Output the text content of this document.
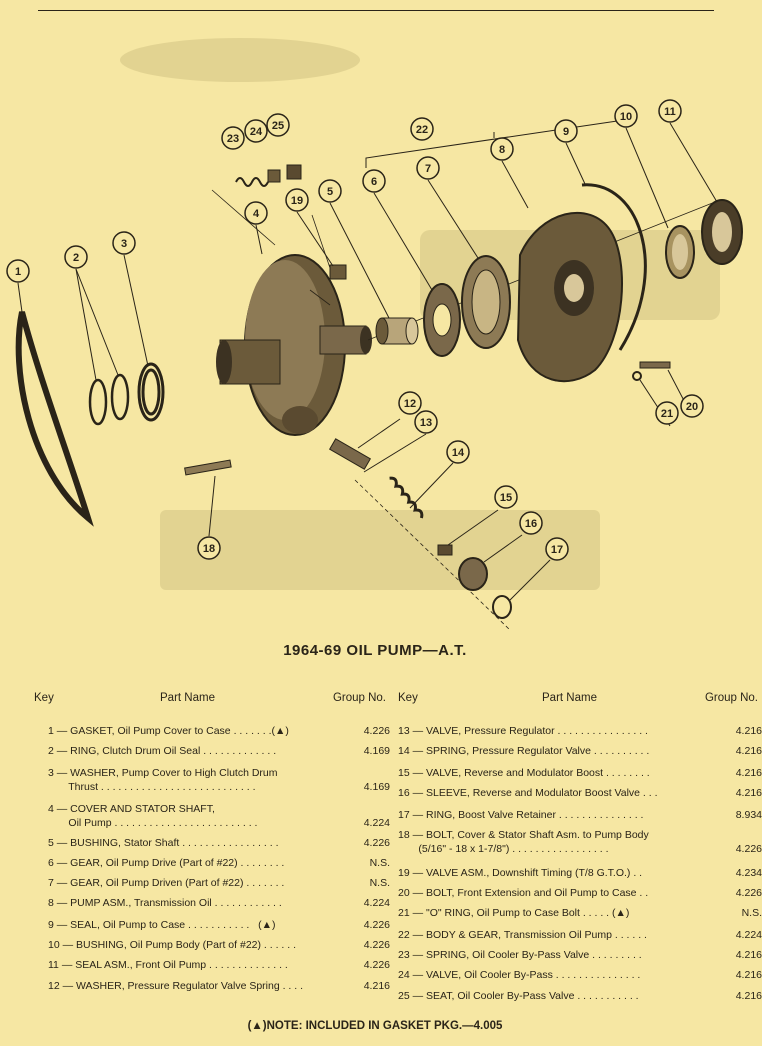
1
2
3
4
5
6
7
8
9
10	11
12
13
14
15
16
17
18
19
20
21
22
23
24 25
1964-69 OIL PUMP—A.T.
Key	Part Name	Group No.
1 — GASKET, Oil Pump Cover to Case . . . . . . .(▲)	4.226
2 — RING, Clutch Drum Oil Seal . . . . . . . . . . . . .	4.169
3 — WASHER, Pump Cover to High Clutch Drum
Thrust . . . . . . . . . . . . . . . . . . . . . . . . . . .	4.169
4 — COVER AND STATOR SHAFT,
Oil Pump . . . . . . . . . . . . . . . . . . . . . . . . .	4.224
5 — BUSHING, Stator Shaft . . . . . . . . . . . . . . . . .	4.226
6 — GEAR, Oil Pump Drive (Part of #22) . . . . . . . .	N.S.
7 — GEAR, Oil Pump Driven (Part of #22) . . . . . . .	N.S.
8 — PUMP ASM., Transmission Oil . . . . . . . . . . . .	4.224
9 — SEAL, Oil Pump to Case . . . . . . . . . . .   (▲)	4.226
10 — BUSHING, Oil Pump Body (Part of #22) . . . . . .	4.226
11 — SEAL ASM., Front Oil Pump . . . . . . . . . . . . . .	4.226
12 — WASHER, Pressure Regulator Valve Spring . . . .	4.216
Key	Part Name	Group No.
13 — VALVE, Pressure Regulator . . . . . . . . . . . . . . . .	4.216
14 — SPRING, Pressure Regulator Valve . . . . . . . . . .	4.216
15 — VALVE, Reverse and Modulator Boost . . . . . . . .	4.216
16 — SLEEVE, Reverse and Modulator Boost Valve . . .	4.216
17 — RING, Boost Valve Retainer . . . . . . . . . . . . . . .	8.934
18 — BOLT, Cover & Stator Shaft Asm. to Pump Body
(5/16" - 18 x 1-7/8") . . . . . . . . . . . . . . . . .	4.226
19 — VALVE ASM., Downshift Timing (T/8 G.T.O.) . .	4.234
20 — BOLT, Front Extension and Oil Pump to Case . .	4.226
21 — "O" RING, Oil Pump to Case Bolt . . . . . (▲)	N.S.
22 — BODY & GEAR, Transmission Oil Pump . . . . . .	4.224
23 — SPRING, Oil Cooler By-Pass Valve . . . . . . . . .	4.216
24 — VALVE, Oil Cooler By-Pass . . . . . . . . . . . . . . .	4.216
25 — SEAT, Oil Cooler By-Pass Valve . . . . . . . . . . .	4.216
(▲)NOTE: INCLUDED IN GASKET PKG.—4.005
